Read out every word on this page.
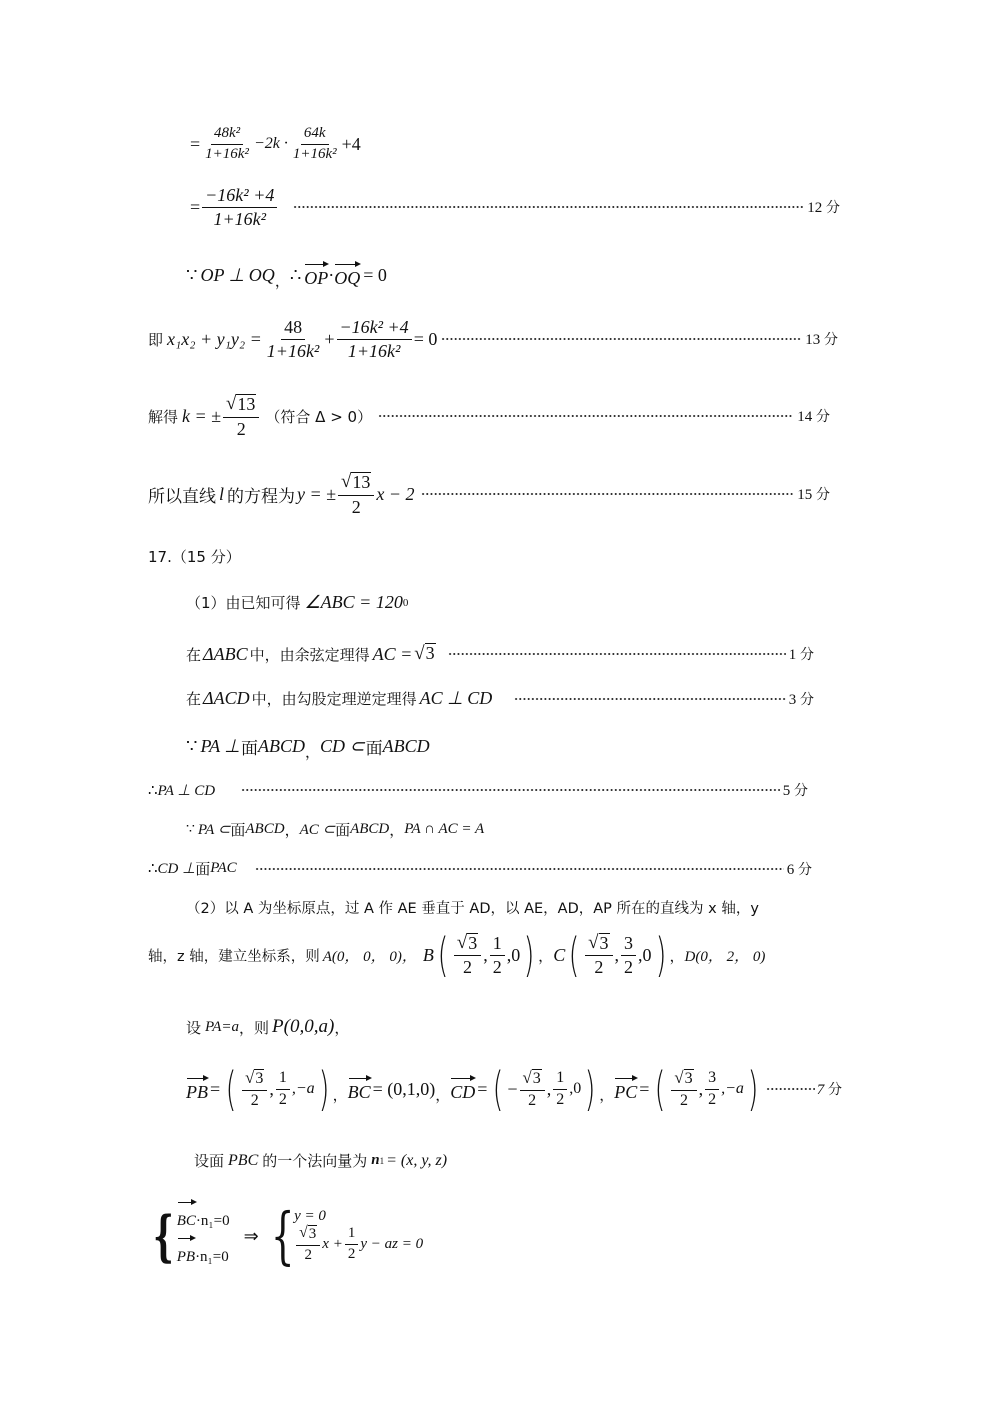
= $\frac{\text{48k²}}{\text{1+16k²}} -2k \cdot \frac{64k}{\text{1+16k²}} +4$
= $\frac{\text{−16k² +4}}{\text{1+16k²}}$	12 分
∵ OP ⊥ OQ ， ∴ OP · OQ = 0
即 $x_1x_2 + y_1y_2 = \frac{48}{\text{1+16k²}} + \frac{\text{−16k² +4}}{\text{1+16k²}} = 0$	13 分
解得 k = ± $\frac{√ 13}{2}$ （符合 Δ > 0）	14 分
所以直线 l 的方程为 y = ± $\frac{√ 13}{2}$ x − 2	15 分
17.（15 分）
（1）由已知可得 ∠ABC = 120 0
在 ΔABC 中，由余弦定理得 AC = √ 3	1 分
在 ΔACD 中，由勾股定理逆定理得 AC ⊥ CD	3 分
∵ PA ⊥ 面 ABCD ， CD ⊂ 面 ABCD
∴ PA ⊥ CD	5 分
∵ PA ⊂ 面 ABCD ， AC ⊂ 面 ABCD ， PA ∩ AC = A
∴ CD ⊥ 面 PAC	6 分
（2）以 A 为坐标原点，过 A 作 AE 垂直于 AD，以 AE，AD，AP 所在的直线为 x 轴，y
轴，z 轴，建立坐标系，则 A(0， 0， 0)， B ( $\frac{√ 3}{2}$ , $\frac{1}{2} ,0$ ) ， C ( $\frac{√ 3}{2}$ , $\frac{3}{2} ,0$ ) ， D(0， 2， 0)
设 PA=a ，则 P(0,0,a) ，
PB = ( $\frac{√ 3}{2}$ , $\frac{1}{2} ,-a$ ) ， BC = (0,1,0) ， CD = ( − $\frac{√ 3}{2}$ , $\frac{1}{2} ,0$ ) ， PC = ( $\frac{√ 3}{2}$ , $\frac{3}{2} ,-a$ )	7 分
设面 PBC 的一个法向量为 n 1 = (x, y, z)
{ BC·n₁=0
PB·n₁=0
⇒ { y = 0
$\frac{√ 3}{2}$ $x + \frac{1}{2}$ y − az = 0
